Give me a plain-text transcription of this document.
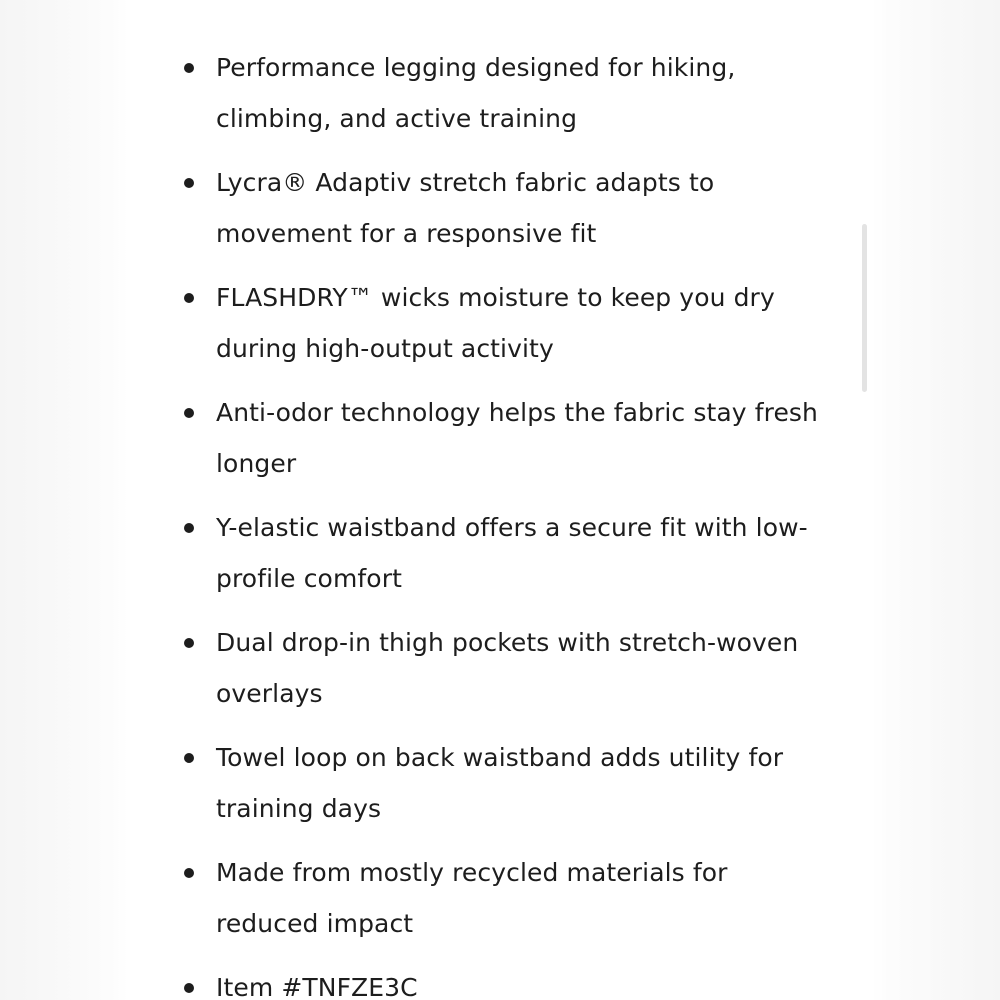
Performance legging designed for hiking, climbing, and active training
Lycra® Adaptiv stretch fabric adapts to movement for a responsive fit
FLASHDRY™ wicks moisture to keep you dry during high-output activity
Anti-odor technology helps the fabric stay fresh longer
Y-elastic waistband offers a secure fit with low-profile comfort
Dual drop-in thigh pockets with stretch-woven overlays
Towel loop on back waistband adds utility for training days
Made from mostly recycled materials for reduced impact
Item #TNFZE3C
